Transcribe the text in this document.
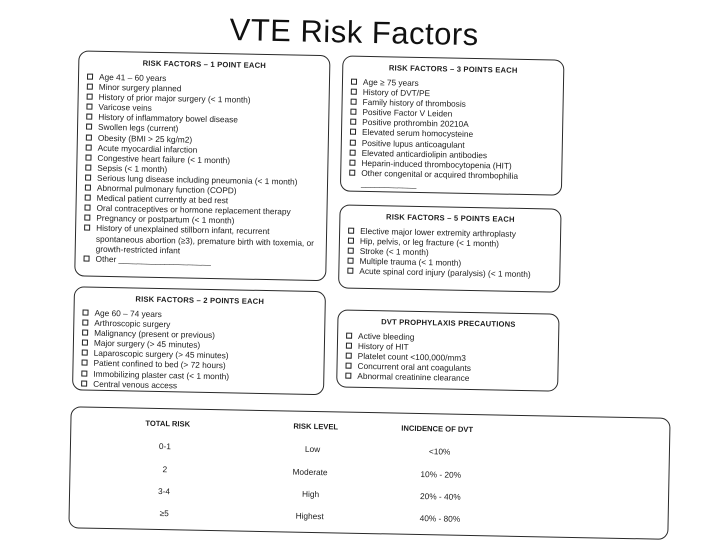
VTE Risk Factors
RISK FACTORS – 1 POINT EACH
Age 41 – 60 years
Minor surgery planned
History of prior major surgery (< 1 month)
Varicose veins
History of inflammatory bowel disease
Swollen legs (current)
Obesity (BMI > 25 kg/m2)
Acute myocardial infarction
Congestive heart failure (< 1 month)
Sepsis (< 1 month)
Serious lung disease including pneumonia (< 1 month)
Abnormal pulmonary function (COPD)
Medical patient currently at bed rest
Oral contraceptives or hormone replacement therapy
Pregnancy or postpartum (< 1 month)
History of unexplained stillborn infant, recurrent spontaneous abortion (≥3), premature birth with toxemia, or growth-restricted infant
Other ____________________
RISK FACTORS – 3 POINTS EACH
Age ≥ 75 years
History of DVT/PE
Family history of thrombosis
Positive Factor V Leiden
Positive prothrombin 20210A
Elevated serum homocysteine
Positive lupus anticoagulant
Elevated anticardiolipin antibodies
Heparin-induced thrombocytopenia (HIT)
Other congenital or acquired thrombophilia ____________
RISK FACTORS – 5 POINTS EACH
Elective major lower extremity arthroplasty
Hip, pelvis, or leg fracture (< 1 month)
Stroke (< 1 month)
Multiple trauma (< 1 month)
Acute spinal cord injury (paralysis) (< 1 month)
RISK FACTORS – 2 POINTS EACH
Age 60 – 74 years
Arthroscopic surgery
Malignancy (present or previous)
Major surgery (> 45 minutes)
Laparoscopic surgery (> 45 minutes)
Patient confined to bed (> 72 hours)
Immobilizing plaster cast (< 1 month)
Central venous access
DVT PROPHYLAXIS PRECAUTIONS
Active bleeding
History of HIT
Platelet count <100,000/mm3
Concurrent oral ant coagulants
Abnormal creatinine clearance
TOTAL RISK	RISK LEVEL	INCIDENCE OF DVT
0-1	Low	<10%
2	Moderate	10% - 20%
3-4	High	20% - 40%
≥5	Highest	40% - 80%
